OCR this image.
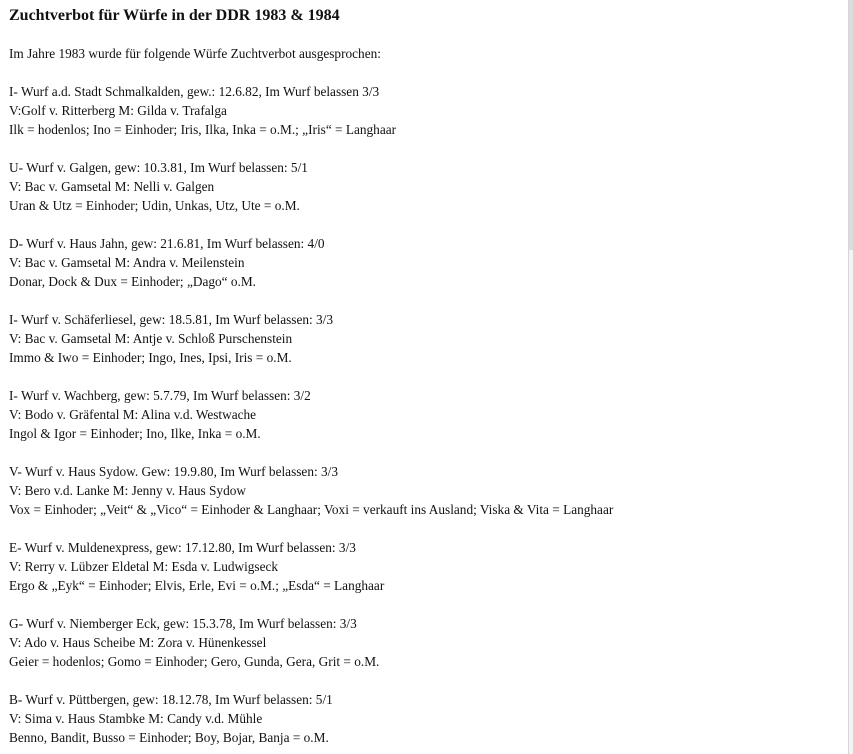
Zuchtverbot für Würfe in der DDR 1983 & 1984

Im Jahre 1983 wurde für folgende Würfe Zuchtverbot ausgesprochen:

I- Wurf a.d. Stadt Schmalkalden, gew.: 12.6.82, Im Wurf belassen 3/3
V:Golf v. Ritterberg M: Gilda v. Trafalga
Ilk = hodenlos; Ino = Einhoder; Iris, Ilka, Inka = o.M.; „Iris“ = Langhaar
U- Wurf v. Galgen, gew: 10.3.81, Im Wurf belassen: 5/1
V: Bac v. Gamsetal M: Nelli v. Galgen
Uran & Utz = Einhoder; Udin, Unkas, Utz, Ute = o.M.
D- Wurf v. Haus Jahn, gew: 21.6.81, Im Wurf belassen: 4/0
V: Bac v. Gamsetal M: Andra v. Meilenstein
Donar, Dock & Dux = Einhoder; „Dago“ o.M.
I- Wurf v. Schäferliesel, gew: 18.5.81, Im Wurf belassen: 3/3
V: Bac v. Gamsetal M: Antje v. Schloß Purschenstein
Immo & Iwo = Einhoder; Ingo, Ines, Ipsi, Iris = o.M.
I- Wurf v. Wachberg, gew: 5.7.79, Im Wurf belassen: 3/2
V: Bodo v. Gräfental M: Alina v.d. Westwache
Ingol & Igor = Einhoder; Ino, Ilke, Inka = o.M.
V- Wurf v. Haus Sydow. Gew: 19.9.80, Im Wurf belassen: 3/3
V: Bero v.d. Lanke M: Jenny v. Haus Sydow
Vox = Einhoder; „Veit“ & „Vico“ = Einhoder & Langhaar; Voxi = verkauft ins Ausland; Viska & Vita = Langhaar
E- Wurf v. Muldenexpress, gew: 17.12.80, Im Wurf belassen: 3/3
V: Rerry v. Lübzer Eldetal M: Esda v. Ludwigseck
Ergo & „Eyk“ = Einhoder; Elvis, Erle, Evi = o.M.; „Esda“ = Langhaar
G- Wurf v. Niemberger Eck, gew: 15.3.78, Im Wurf belassen: 3/3
V: Ado v. Haus Scheibe M: Zora v. Hünenkessel
Geier = hodenlos; Gomo = Einhoder; Gero, Gunda, Gera, Grit = o.M.
B- Wurf v. Püttbergen, gew: 18.12.78, Im Wurf belassen: 5/1
V: Sima v. Haus Stambke M: Candy v.d. Mühle
Benno, Bandit, Busso = Einhoder; Boy, Bojar, Banja = o.M.
